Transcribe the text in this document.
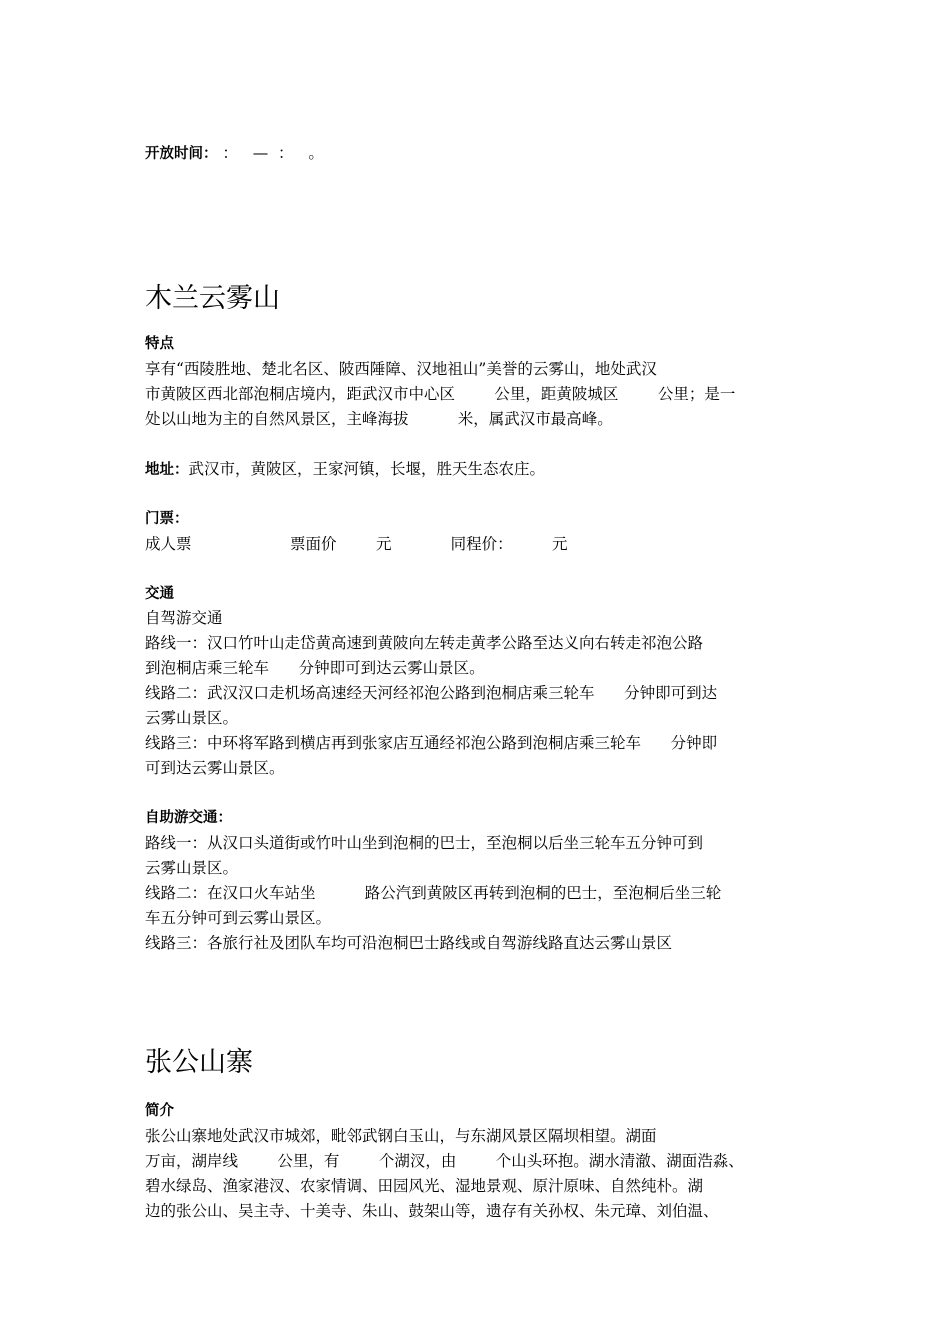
开放时间： ：   —  ：   。
木兰云雾山
特点
享有“西陵胜地、楚北名区、陂西陲障、汉地祖山”美誉的云雾山，地处武汉
市黄陂区西北部泡桐店境内，距武汉市中心区        公里，距黄陂城区        公里；是一
处以山地为主的自然风景区，主峰海拔          米，属武汉市最高峰。
地址：武汉市，黄陂区，王家河镇，长堰，胜天生态农庄。
门票：
成人票                    票面价        元            同程价：        元
交通
自驾游交通
路线一：汉口竹叶山走岱黄高速到黄陂向左转走黄孝公路至达义向右转走祁泡公路
到泡桐店乘三轮车      分钟即可到达云雾山景区。
线路二：武汉汉口走机场高速经天河经祁泡公路到泡桐店乘三轮车      分钟即可到达
云雾山景区。
线路三：中环将军路到横店再到张家店互通经祁泡公路到泡桐店乘三轮车      分钟即
可到达云雾山景区。
自助游交通：
路线一：从汉口头道街或竹叶山坐到泡桐的巴士，至泡桐以后坐三轮车五分钟可到
云雾山景区。
线路二：在汉口火车站坐          路公汽到黄陂区再转到泡桐的巴士，至泡桐后坐三轮
车五分钟可到云雾山景区。
线路三：各旅行社及团队车均可沿泡桐巴士路线或自驾游线路直达云雾山景区
张公山寨
简介
张公山寨地处武汉市城郊，毗邻武钢白玉山，与东湖风景区隔坝相望。湖面
万亩，湖岸线        公里，有        个湖汊，由        个山头环抱。湖水清澈、湖面浩淼、
碧水绿岛、渔家港汊、农家情调、田园风光、湿地景观、原汁原味、自然纯朴。湖
边的张公山、吴主寺、十美寺、朱山、鼓架山等，遗存有关孙权、朱元璋、刘伯温、
